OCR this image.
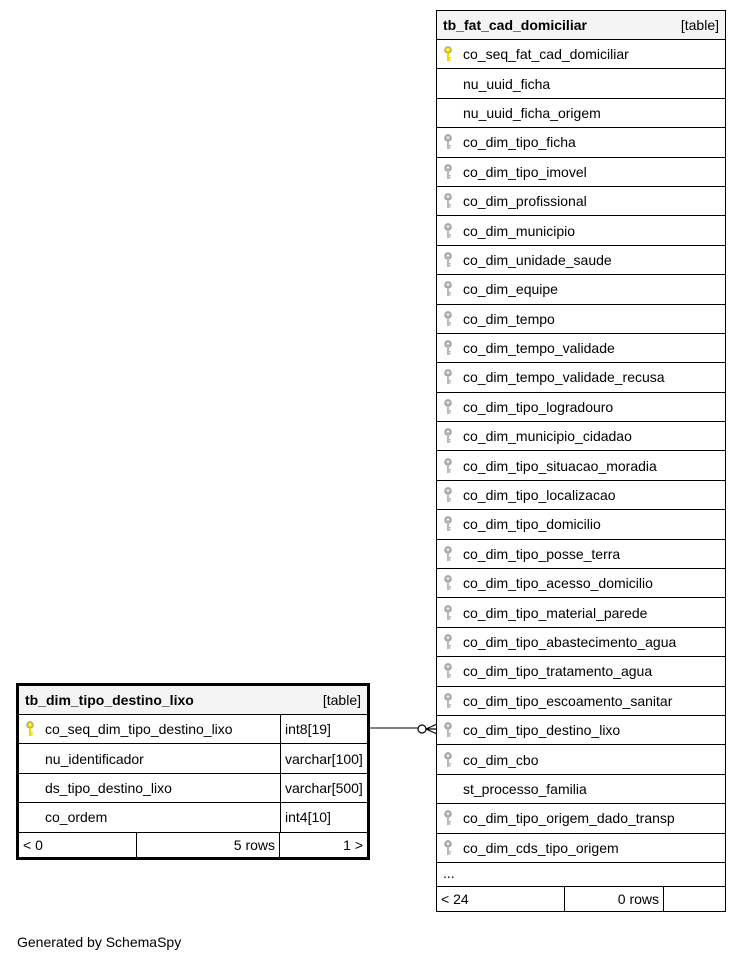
tb_fat_cad_domiciliar	[table]
co_seq_fat_cad_domiciliar
nu_uuid_ficha
nu_uuid_ficha_origem
co_dim_tipo_ficha
co_dim_tipo_imovel
co_dim_profissional
co_dim_municipio
co_dim_unidade_saude
co_dim_equipe
co_dim_tempo
co_dim_tempo_validade
co_dim_tempo_validade_recusa
co_dim_tipo_logradouro
co_dim_municipio_cidadao
co_dim_tipo_situacao_moradia
co_dim_tipo_localizacao
co_dim_tipo_domicilio
co_dim_tipo_posse_terra
co_dim_tipo_acesso_domicilio
co_dim_tipo_material_parede
co_dim_tipo_abastecimento_agua
co_dim_tipo_tratamento_agua
co_dim_tipo_escoamento_sanitar
co_dim_tipo_destino_lixo
co_dim_cbo
st_processo_familia
co_dim_tipo_origem_dado_transp
co_dim_cds_tipo_origem
...
< 24	0 rows
tb_dim_tipo_destino_lixo	[table]
co_seq_dim_tipo_destino_lixo	int8[19]
nu_identificador	varchar[100]
ds_tipo_destino_lixo	varchar[500]
co_ordem	int4[10]
< 0	5 rows	1 >
Generated by SchemaSpy
